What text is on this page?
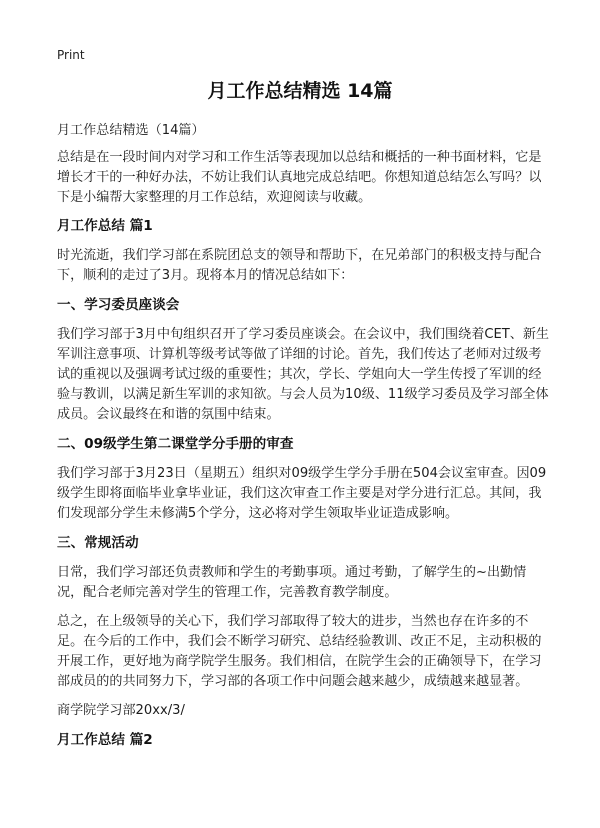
Print
月工作总结精选 14篇
月工作总结精选（14篇）
总结是在一段时间内对学习和工作生活等表现加以总结和概括的一种书面材料，它是增长才干的一种好办法，不妨让我们认真地完成总结吧。你想知道总结怎么写吗？以下是小编帮大家整理的月工作总结，欢迎阅读与收藏。
月工作总结 篇1
时光流逝，我们学习部在系院团总支的领导和帮助下，在兄弟部门的积极支持与配合下，顺利的走过了3月。现将本月的情况总结如下：
一、学习委员座谈会
我们学习部于3月中旬组织召开了学习委员座谈会。在会议中，我们围绕着CET、新生军训注意事项、计算机等级考试等做了详细的讨论。首先，我们传达了老师对过级考试的重视以及强调考试过级的重要性；其次，学长、学姐向大一学生传授了军训的经验与教训，以满足新生军训的求知欲。与会人员为10级、11级学习委员及学习部全体成员。会议最终在和谐的氛围中结束。
二、09级学生第二课堂学分手册的审查
我们学习部于3月23日（星期五）组织对09级学生学分手册在504会议室审查。因09级学生即将面临毕业拿毕业证，我们这次审查工作主要是对学分进行汇总。其间，我们发现部分学生未修满5个学分，这必将对学生领取毕业证造成影响。
三、常规活动
日常，我们学习部还负责教师和学生的考勤事项。通过考勤，了解学生的~出勤情况，配合老师完善对学生的管理工作，完善教育教学制度。
总之，在上级领导的关心下，我们学习部取得了较大的进步，当然也存在许多的不足。在今后的工作中，我们会不断学习研究、总结经验教训、改正不足，主动积极的开展工作，更好地为商学院学生服务。我们相信，在院学生会的正确领导下，在学习部成员的的共同努力下，学习部的各项工作中问题会越来越少，成绩越来越显著。
商学院学习部20xx/3/
月工作总结 篇2
